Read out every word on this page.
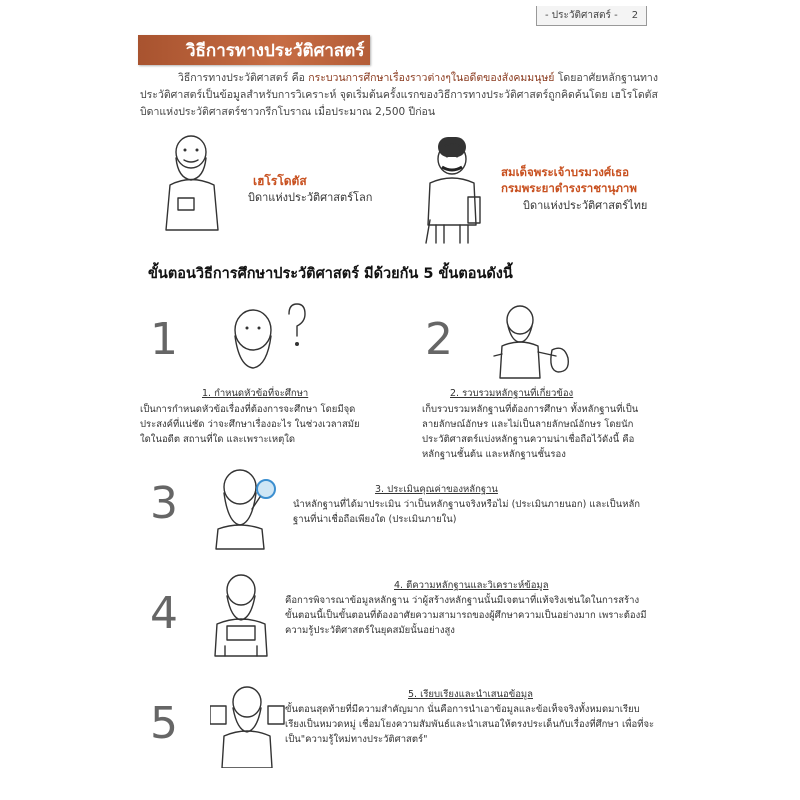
- ประวัติศาสตร์ - 2
วิธีการทางประวัติศาสตร์

วิธีการทางประวัติศาสตร์ คือ กระบวนการศึกษาเรื่องราวต่างๆในอดีตของสังคมมนุษย์ โดยอาศัยหลักฐานทางประวัติศาสตร์เป็นข้อมูลสำหรับการวิเคราะห์ จุดเริ่มต้นครั้งแรกของวิธีการทางประวัติศาสตร์ถูกคิดค้นโดย เฮโรโดตัส บิดาแห่งประวัติศาสตร์ชาวกรีกโบราณ เมื่อประมาณ 2,500 ปีก่อน

เฮโรโดตัส
บิดาแห่งประวัติศาสตร์โลก
สมเด็จพระเจ้าบรมวงศ์เธอ
กรมพระยาดำรงราชานุภาพ
บิดาแห่งประวัติศาสตร์ไทย
ขั้นตอนวิธีการศึกษาประวัติศาสตร์ มีด้วยกัน 5 ขั้นตอนดังนี้
1
1. กำหนดหัวข้อที่จะศึกษา
เป็นการกำหนดหัวข้อเรื่องที่ต้องการจะศึกษา โดยมีจุดประสงค์ที่แน่ชัด ว่าจะศึกษาเรื่องอะไร ในช่วงเวลาสมัยใดในอดีต สถานที่ใด และเพราะเหตุใด
2
2. รวบรวมหลักฐานที่เกี่ยวข้อง
เก็บรวบรวมหลักฐานที่ต้องการศึกษา ทั้งหลักฐานที่เป็นลายลักษณ์อักษร และไม่เป็นลายลักษณ์อักษร โดยนักประวัติศาสตร์แบ่งหลักฐานความน่าเชื่อถือไว้ดังนี้ คือ หลักฐานชั้นต้น และหลักฐานชั้นรอง
3	3. ประเมินคุณค่าของหลักฐาน
นำหลักฐานที่ได้มาประเมิน ว่าเป็นหลักฐานจริงหรือไม่ (ประเมินภายนอก) และเป็นหลักฐานที่น่าเชื่อถือเพียงใด (ประเมินภายใน)
4
4. ตีความหลักฐานและวิเคราะห์ข้อมูล
คือการพิจารณาข้อมูลหลักฐาน ว่าผู้สร้างหลักฐานนั้นมีเจตนาที่แท้จริงเช่นใดในการสร้าง ขั้นตอนนี้เป็นขั้นตอนที่ต้องอาศัยความสามารถของผู้ศึกษาความเป็นอย่างมาก เพราะต้องมีความรู้ประวัติศาสตร์ในยุคสมัยนั้นอย่างสูง
5
5. เรียบเรียงและนำเสนอข้อมูล
ขั้นตอนสุดท้ายที่มีความสำคัญมาก นั่นคือการนำเอาข้อมูลและข้อเท็จจริงทั้งหมดมาเรียบเรียงเป็นหมวดหมู่ เชื่อมโยงความสัมพันธ์และนำเสนอให้ตรงประเด็นกับเรื่องที่ศึกษา เพื่อที่จะเป็น"ความรู้ใหม่ทางประวัติศาสตร์"
